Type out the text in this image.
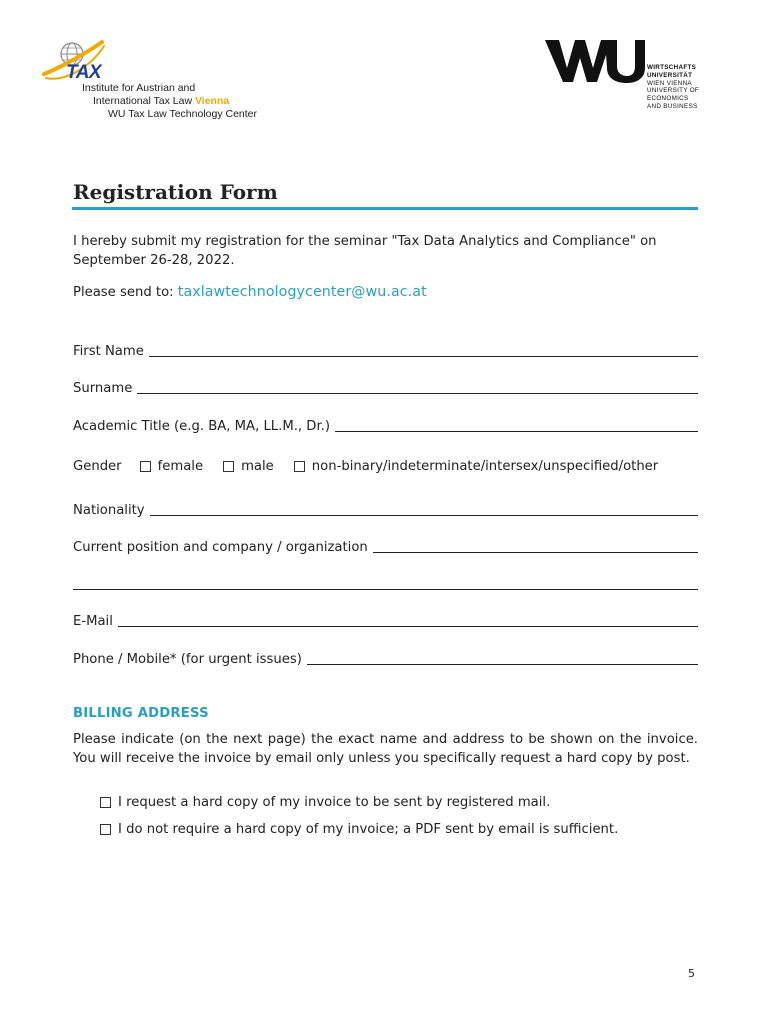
TAX
Institute for Austrian and
International Tax Law Vienna
WU Tax Law Technology Center
WIRTSCHAFTS
UNIVERSITÄT
WIEN VIENNA
UNIVERSITY OF
ECONOMICS
AND BUSINESS
Registration Form
I hereby submit my registration for the seminar "Tax Data Analytics and Compliance" on September 26-28, 2022.
Please send to: taxlawtechnologycenter@wu.ac.at
First Name
Surname
Academic Title (e.g. BA, MA, LL.M., Dr.)
Gender	female	male	non-binary/indeterminate/intersex/unspecified/other
Nationality
Current position and company / organization
E-Mail
Phone / Mobile* (for urgent issues)
BILLING ADDRESS
Please indicate (on the next page) the exact name and address to be shown on the invoice. You will receive the invoice by email only unless you specifically request a hard copy by post.
I request a hard copy of my invoice to be sent by registered mail.
I do not require a hard copy of my invoice; a PDF sent by email is sufficient.
5
